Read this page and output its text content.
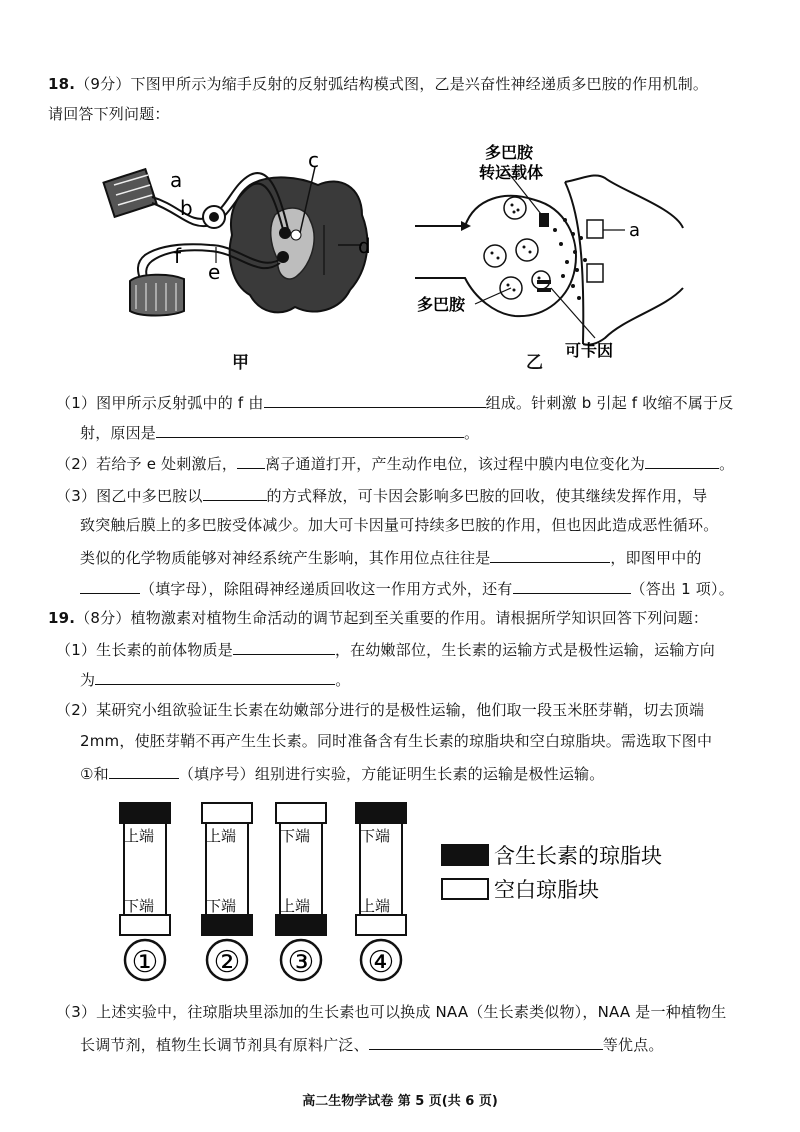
18.（9分）下图甲所示为缩手反射的反射弧结构模式图，乙是兴奋性神经递质多巴胺的作用机制。
请回答下列问题：
a
b
c
d
e
f
甲
多巴胺
转运载体
a
多巴胺
可卡因
乙
（1）图甲所示反射弧中的 f 由	组成。针刺激 b 引起 f 收缩不属于反
射，原因是	。
（2）若给予 e 处刺激后， 离子通道打开，产生动作电位，该过程中膜内电位变化为	。
（3）图乙中多巴胺以	的方式释放，可卡因会影响多巴胺的回收，使其继续发挥作用，导
致突触后膜上的多巴胺受体减少。加大可卡因量可持续多巴胺的作用，但也因此造成恶性循环。
类似的化学物质能够对神经系统产生影响，其作用位点往往是	，即图甲中的
（填字母），除阻碍神经递质回收这一作用方式外，还有	（答出 1 项）。
19.（8分）植物激素对植物生命活动的调节起到至关重要的作用。请根据所学知识回答下列问题：
（1）生长素的前体物质是	，在幼嫩部位，生长素的运输方式是极性运输，运输方向
为	。
（2）某研究小组欲验证生长素在幼嫩部分进行的是极性运输，他们取一段玉米胚芽鞘，切去顶端
2mm，使胚芽鞘不再产生生长素。同时准备含有生长素的琼脂块和空白琼脂块。需选取下图中
①和	（填序号）组别进行实验，方能证明生长素的运输是极性运输。
上端
下端
①
上端
下端
②
下端
上端
③
下端
上端
④
含生长素的琼脂块
空白琼脂块
（3）上述实验中，往琼脂块里添加的生长素也可以换成 NAA（生长素类似物），NAA 是一种植物生
长调节剂，植物生长调节剂具有原料广泛、	等优点。
高二生物学试卷 第 5 页(共 6 页)
